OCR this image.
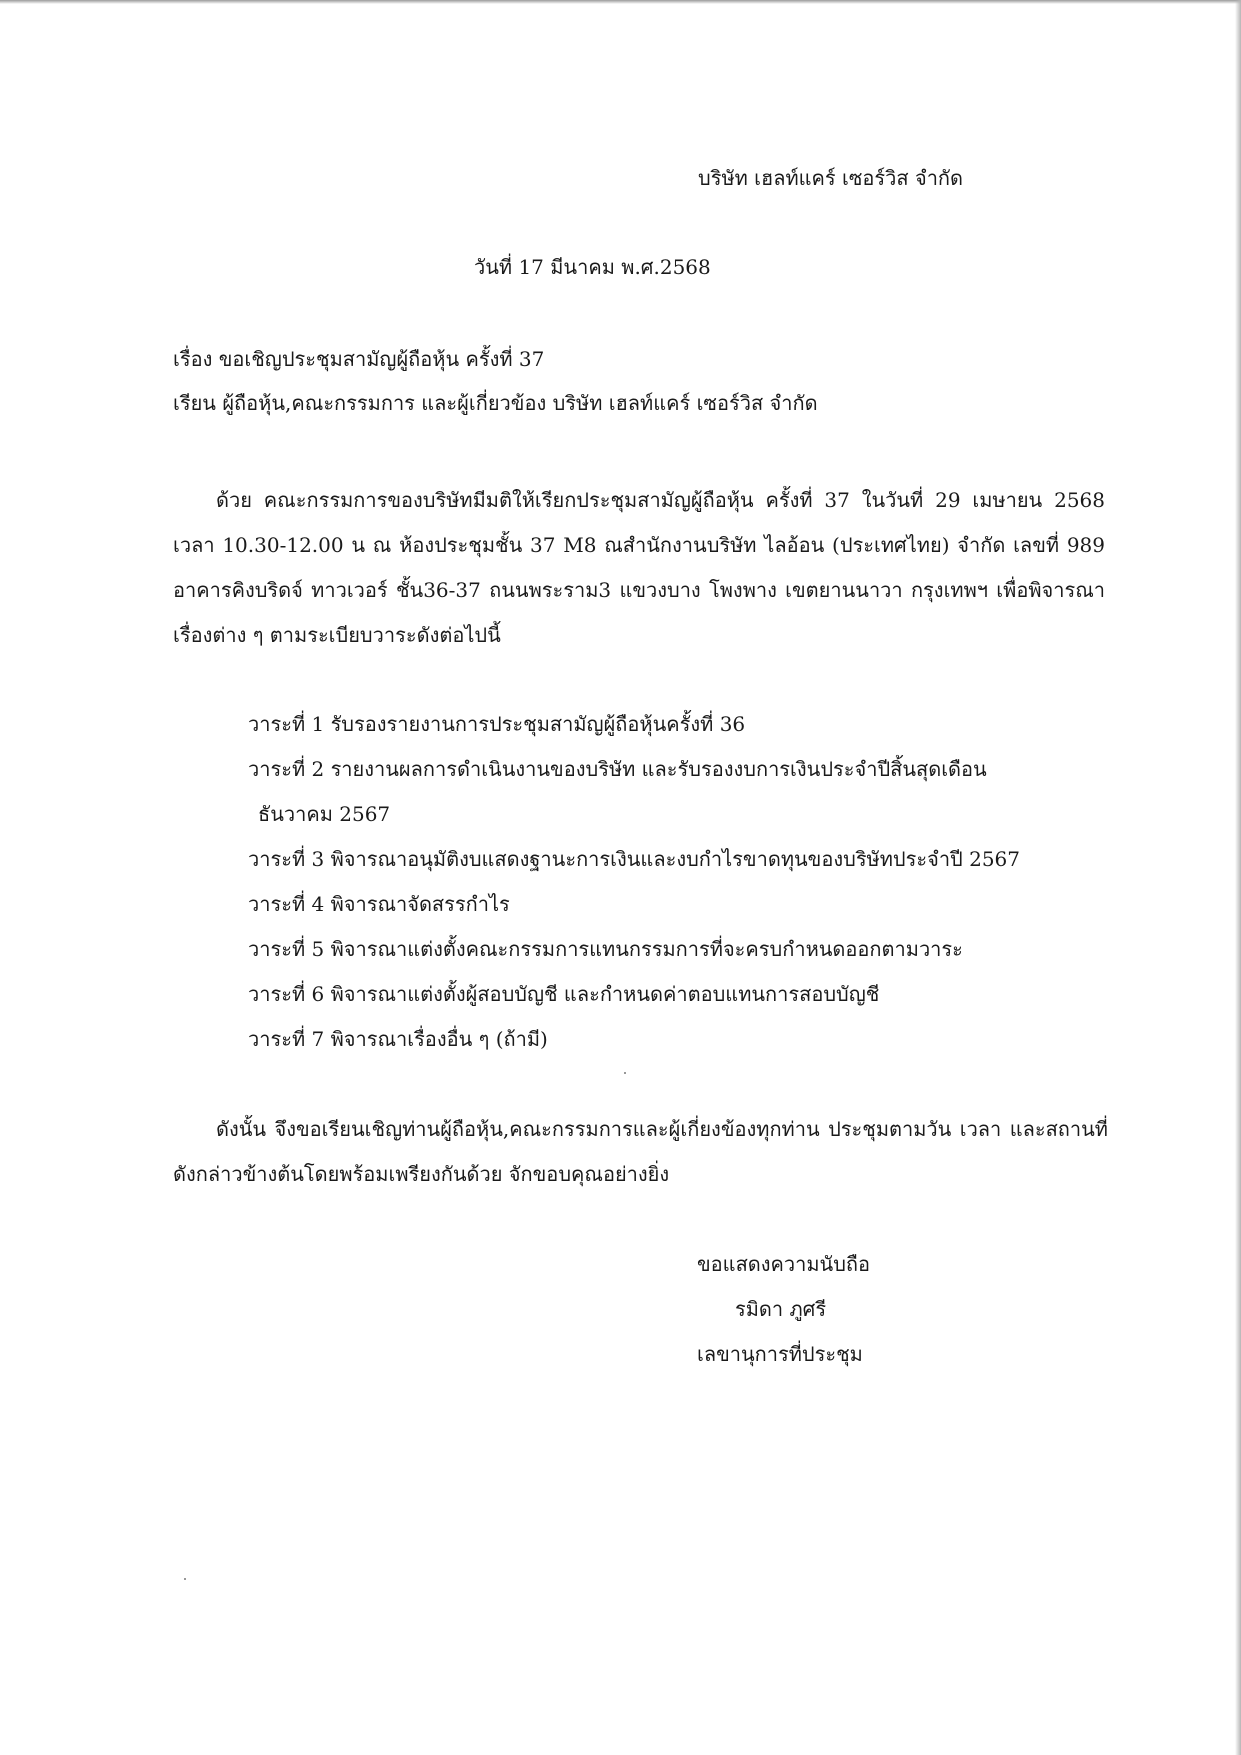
บริษัท เฮลท์แคร์ เซอร์วิส จำกัด
วันที่ 17 มีนาคม พ.ศ.2568
เรื่อง ขอเชิญประชุมสามัญผู้ถือหุ้น ครั้งที่ 37
เรียน ผู้ถือหุ้น,คณะกรรมการ และผู้เกี่ยวข้อง บริษัท เฮลท์แคร์ เซอร์วิส จำกัด

ด้วย คณะกรรมการของบริษัทมีมติให้เรียกประชุมสามัญผู้ถือหุ้น ครั้งที่ 37 ในวันที่ 29 เมษายน 2568 เวลา 10.30-12.00 น ณ ห้องประชุมชั้น 37 M8 ณสำนักงานบริษัท ไลอ้อน (ประเทศไทย) จำกัด เลขที่ 989 อาคารคิงบริดจ์ ทาวเวอร์ ชั้น36-37 ถนนพระราม3 แขวงบาง โพงพาง เขตยานนาวา กรุงเทพฯ เพื่อพิจารณาเรื่องต่าง ๆ ตามระเบียบวาระดังต่อไปนี้

วาระที่ 1 รับรองรายงานการประชุมสามัญผู้ถือหุ้นครั้งที่ 36
วาระที่ 2 รายงานผลการดำเนินงานของบริษัท และรับรองงบการเงินประจำปีสิ้นสุดเดือน
ธันวาคม 2567
วาระที่ 3 พิจารณาอนุมัติงบแสดงฐานะการเงินและงบกำไรขาดทุนของบริษัทประจำปี 2567
วาระที่ 4 พิจารณาจัดสรรกำไร
วาระที่ 5 พิจารณาแต่งตั้งคณะกรรมการแทนกรรมการที่จะครบกำหนดออกตามวาระ
วาระที่ 6 พิจารณาแต่งตั้งผู้สอบบัญชี และกำหนดค่าตอบแทนการสอบบัญชี
วาระที่ 7 พิจารณาเรื่องอื่น ๆ (ถ้ามี)

ดังนั้น จึงขอเรียนเชิญท่านผู้ถือหุ้น,คณะกรรมการและผู้เกี่ยงข้องทุกท่าน ประชุมตามวัน เวลา และสถานที่ดังกล่าวข้างต้นโดยพร้อมเพรียงกันด้วย จักขอบคุณอย่างยิ่ง

ขอแสดงความนับถือ
รมิดา ภูศรี
เลขานุการที่ประชุม
